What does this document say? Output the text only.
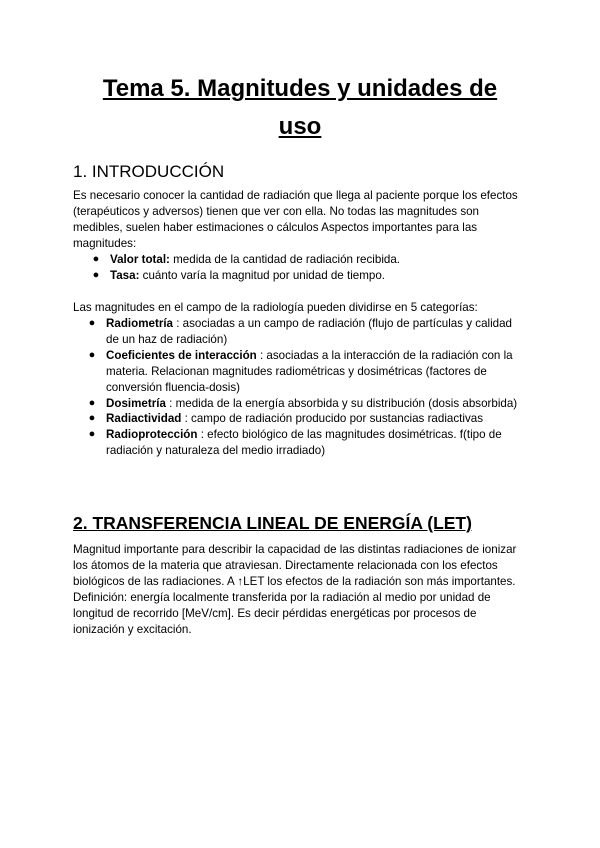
Tema 5. Magnitudes y unidades de
uso
1. INTRODUCCIÓN

Es necesario conocer la cantidad de radiación que llega al paciente porque los efectos (terapéuticos y adversos) tienen que ver con ella. No todas las magnitudes son medibles, suelen haber estimaciones o cálculos Aspectos importantes para las magnitudes:

● Valor total: medida de la cantidad de radiación recibida.
● Tasa: cuánto varía la magnitud por unidad de tiempo.

Las magnitudes en el campo de la radiología pueden dividirse en 5 categorías:

● Radiometría : asociadas a un campo de radiación (flujo de partículas y calidad de un haz de radiación)
● Coeficientes de interacción : asociadas a la interacción de la radiación con la materia. Relacionan magnitudes radiométricas y dosimétricas (factores de conversión fluencia-dosis)
● Dosimetría : medida de la energía absorbida y su distribución (dosis absorbida)
● Radiactividad : campo de radiación producido por sustancias radiactivas
● Radioprotección : efecto biológico de las magnitudes dosimétricas. f(tipo de radiación y naturaleza del medio irradiado)
2. TRANSFERENCIA LINEAL DE ENERGÍA (LET)

Magnitud importante para describir la capacidad de las distintas radiaciones de ionizar los átomos de la materia que atraviesan. Directamente relacionada con los efectos biológicos de las radiaciones. A ↑LET los efectos de la radiación son más importantes. Definición: energía localmente transferida por la radiación al medio por unidad de longitud de recorrido [MeV/cm]. Es decir pérdidas energéticas por procesos de ionización y excitación.
